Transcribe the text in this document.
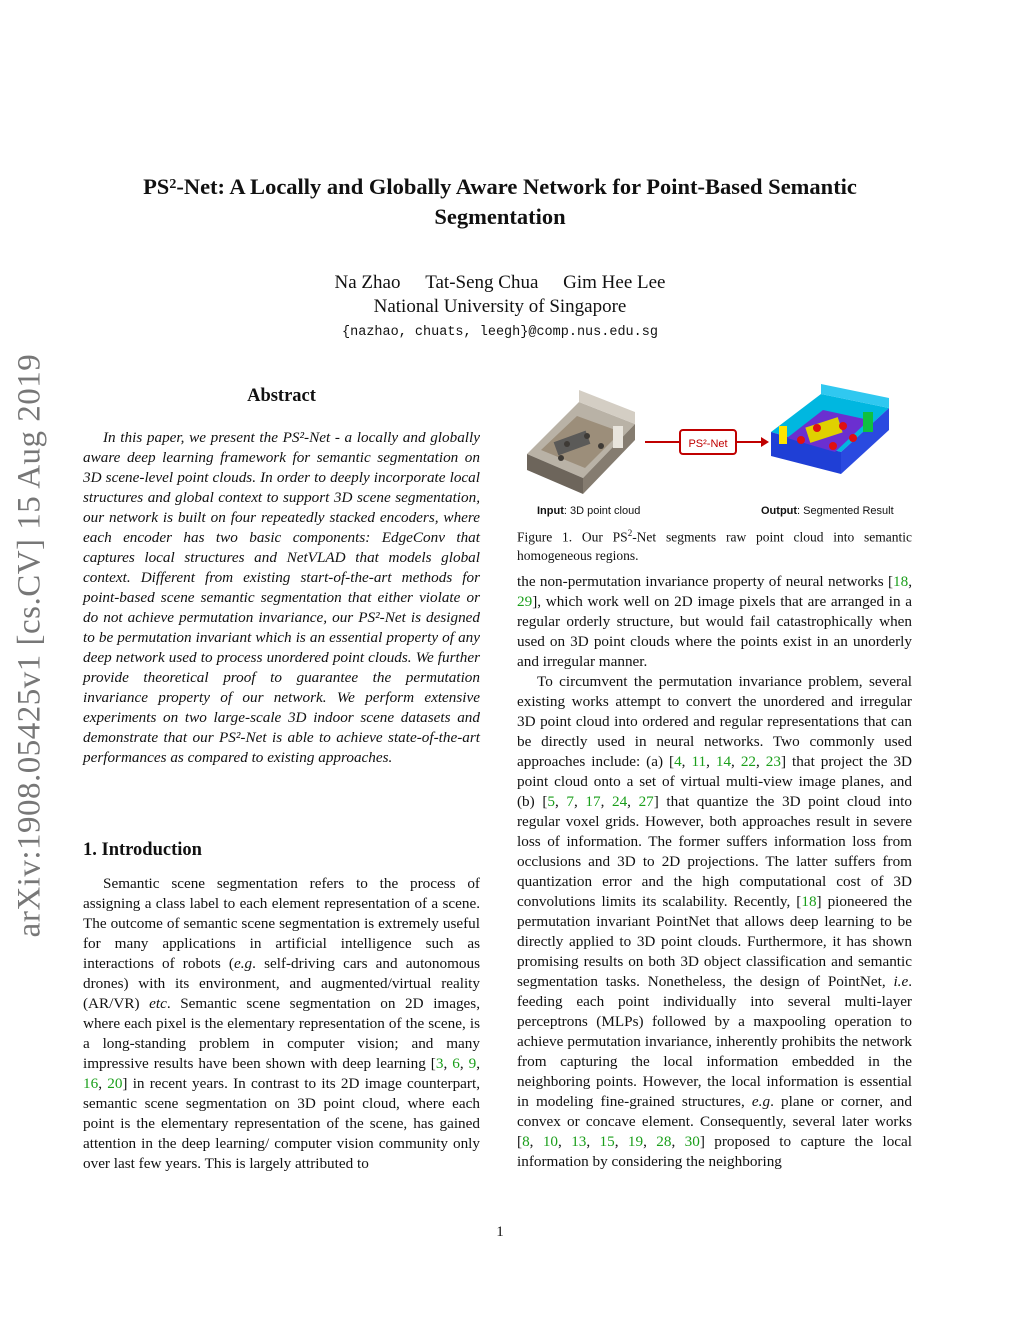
arXiv:1908.05425v1 [cs.CV] 15 Aug 2019
$PS^2$-Net: A Locally and Globally Aware Network for Point-Based Semantic
Segmentation
Na Zhao Tat-Seng Chua Gim Hee Lee
National University of Singapore
{nazhao, chuats, leegh}@comp.nus.edu.sg
Abstract

In this paper, we present the PS²-Net - a locally and globally aware deep learning framework for semantic segmentation on 3D scene-level point clouds. In order to deeply incorporate local structures and global context to support 3D scene segmentation, our network is built on four repeatedly stacked encoders, where each encoder has two basic components: EdgeConv that captures local structures and NetVLAD that models global context. Different from existing start-of-the-art methods for point-based scene semantic segmentation that either violate or do not achieve permutation invariance, our PS²-Net is designed to be permutation invariant which is an essential property of any deep network used to process unordered point clouds. We further provide theoretical proof to guarantee the permutation invariance property of our network. We perform extensive experiments on two large-scale 3D indoor scene datasets and demonstrate that our PS²-Net is able to achieve state-of-the-art performances as compared to existing approaches.

1. Introduction

Semantic scene segmentation refers to the process of assigning a class label to each element representation of a scene. The outcome of semantic scene segmentation is extremely useful for many applications in artificial intelligence such as interactions of robots (e.g. self-driving cars and autonomous drones) with its environment, and augmented/virtual reality (AR/VR) etc. Semantic scene segmentation on 2D images, where each pixel is the elementary representation of the scene, is a long-standing problem in computer vision; and many impressive results have been shown with deep learning [3, 6, 9, 16, 20] in recent years. In contrast to its 2D image counterpart, semantic scene segmentation on 3D point cloud, where each point is the elementary representation of the scene, has gained attention in the deep learning/ computer vision community only over last few years. This is largely attributed to

PS²-Net
Input: 3D point cloud	Output: Segmented Result
Figure 1. Our $PS^2$-Net segments raw point cloud into semantic homogeneous regions.

the non-permutation invariance property of neural networks [18, 29], which work well on 2D image pixels that are arranged in a regular orderly structure, but would fail catastrophically when used on 3D point clouds where the points exist in an unorderly and irregular manner.

To circumvent the permutation invariance problem, several existing works attempt to convert the unordered and irregular 3D point cloud into ordered and regular representations that can be directly used in neural networks. Two commonly used approaches include: (a) [4, 11, 14, 22, 23] that project the 3D point cloud onto a set of virtual multi-view image planes, and (b) [5, 7, 17, 24, 27] that quantize the 3D point cloud into regular voxel grids. However, both approaches result in severe loss of information. The former suffers information loss from occlusions and 3D to 2D projections. The latter suffers from quantization error and the high computational cost of 3D convolutions limits its scalability. Recently, [18] pioneered the permutation invariant PointNet that allows deep learning to be directly applied to 3D point clouds. Furthermore, it has shown promising results on both 3D object classification and semantic segmentation tasks. Nonetheless, the design of PointNet, i.e. feeding each point individually into several multi-layer perceptrons (MLPs) followed by a maxpooling operation to achieve permutation invariance, inherently prohibits the network from capturing the local information embedded in the neighboring points. However, the local information is essential in modeling fine-grained structures, e.g. plane or corner, and convex or concave element. Consequently, several later works [8, 10, 13, 15, 19, 28, 30] proposed to capture the local information by considering the neighboring

1
